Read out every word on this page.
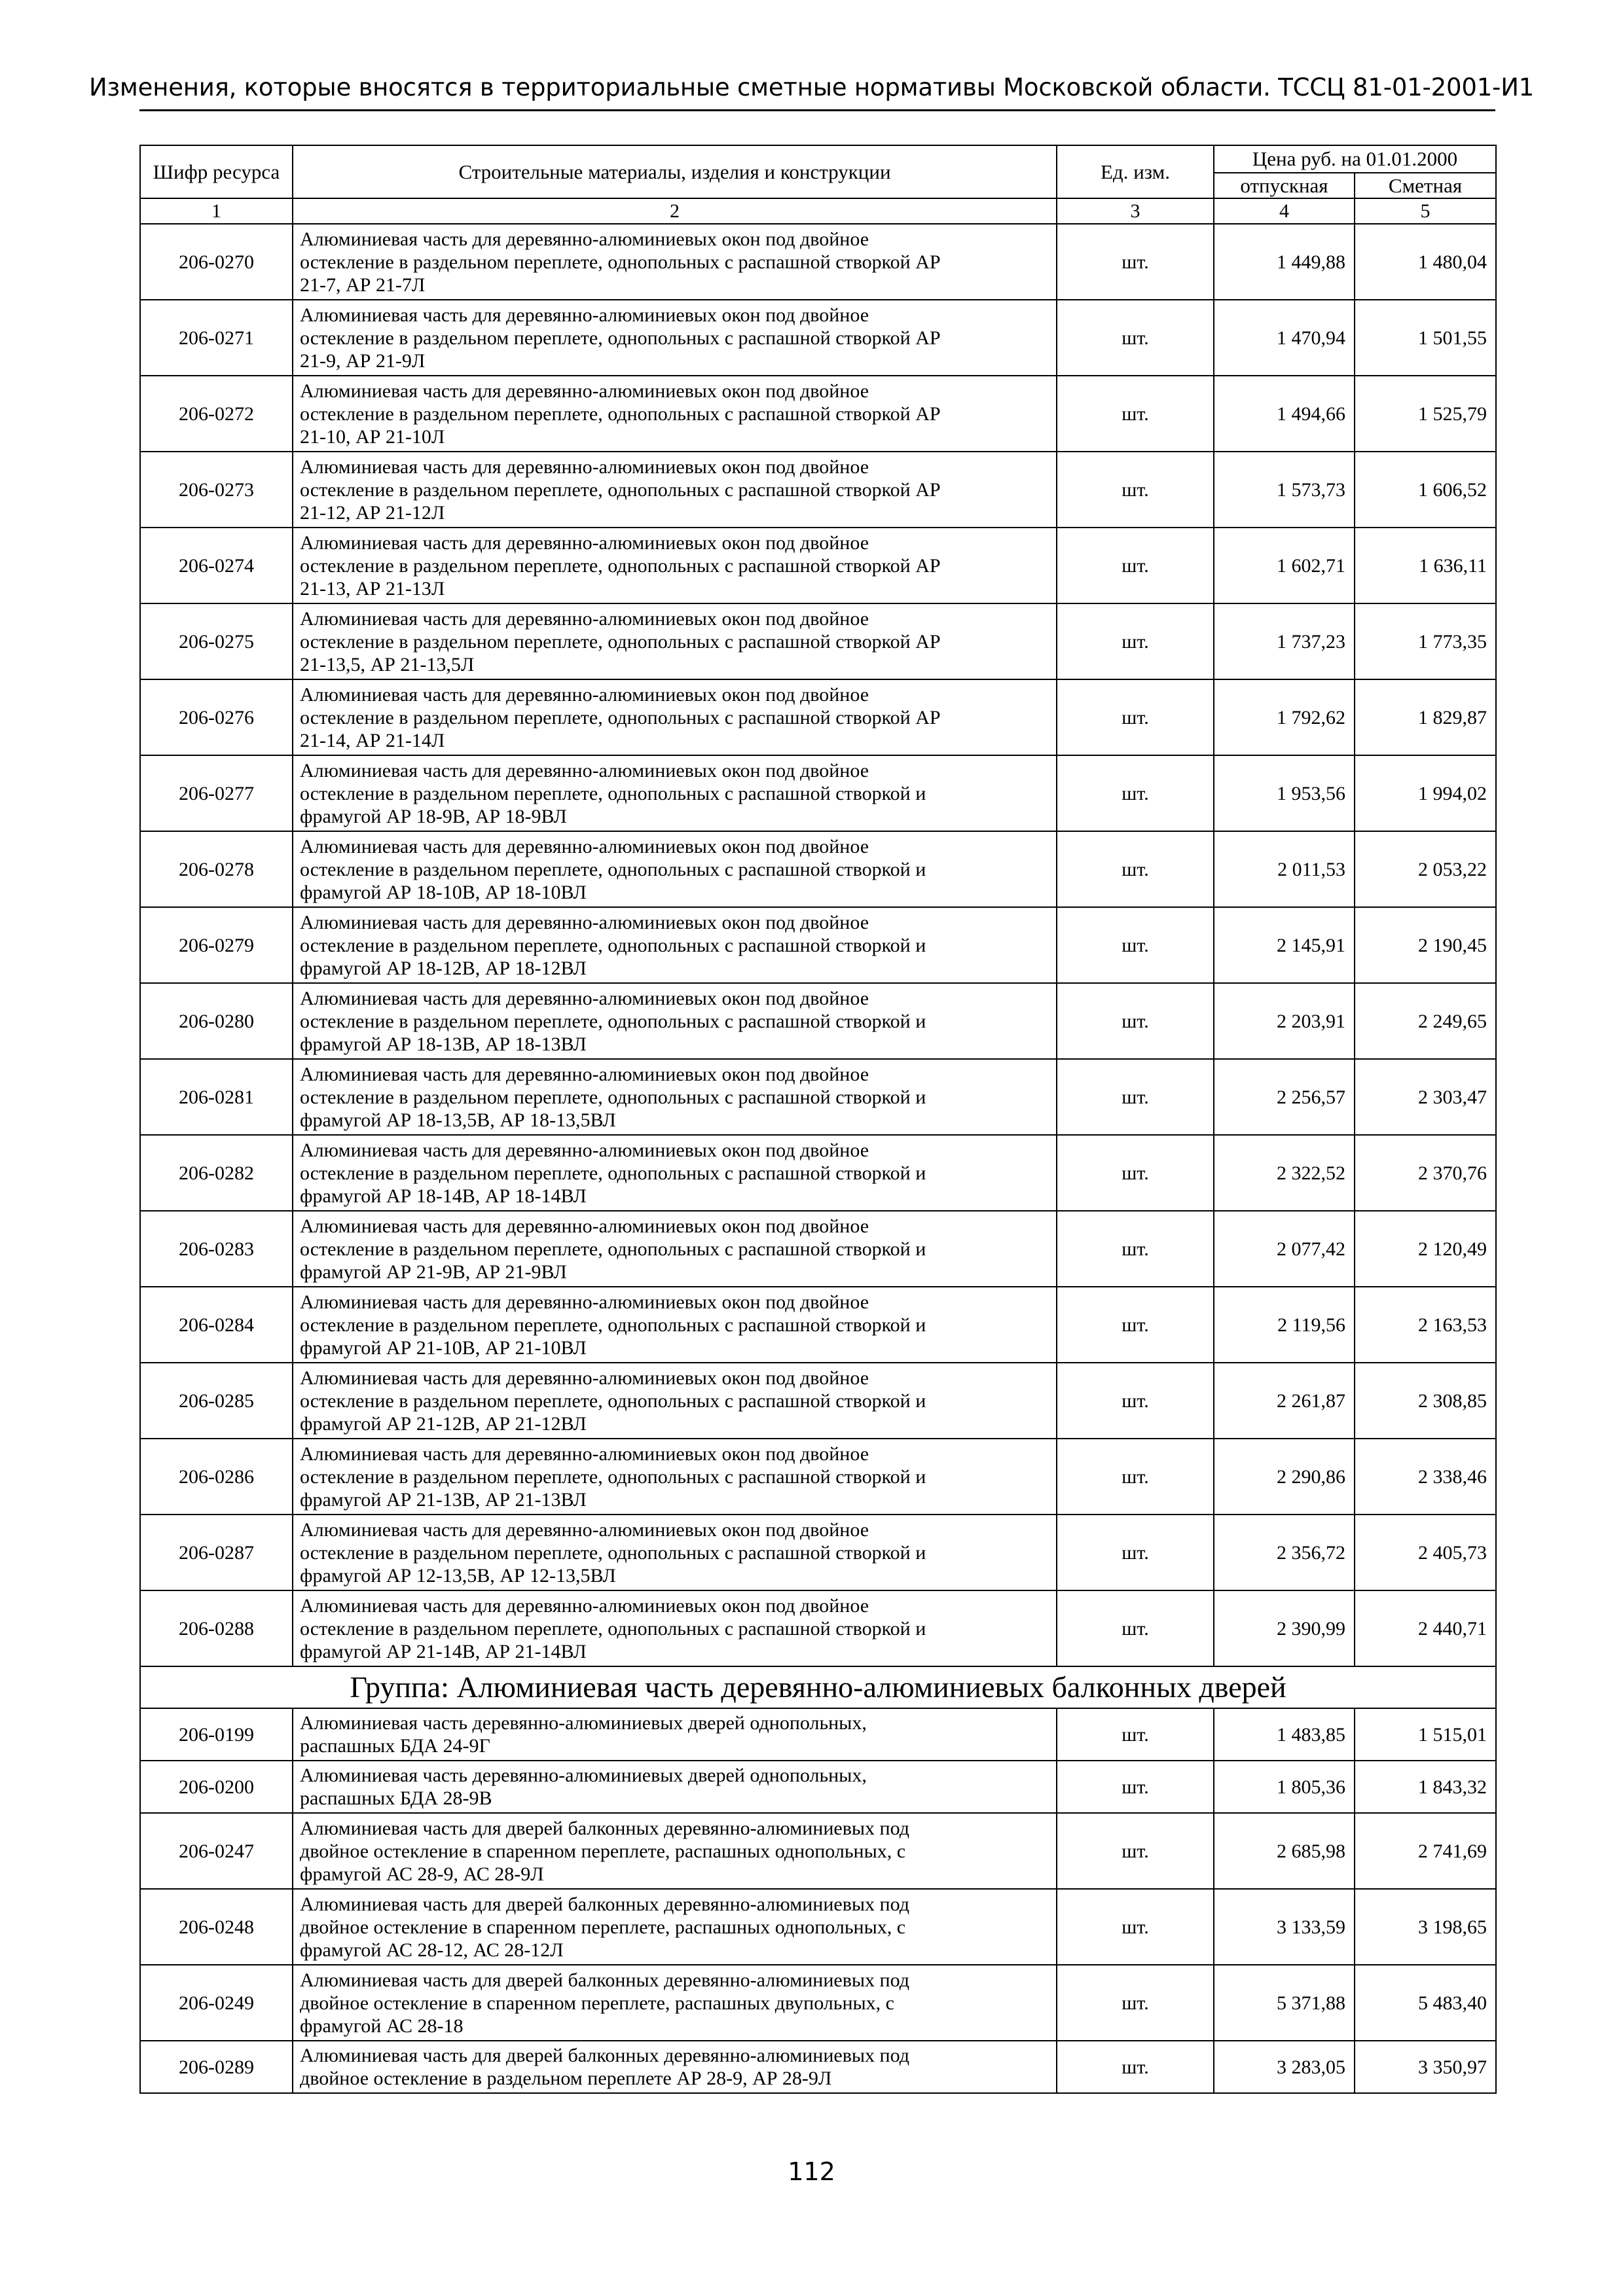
Изменения, которые вносятся в территориальные сметные нормативы Московской области. ТССЦ 81-01-2001-И1
Шифр ресурса	Строительные материалы, изделия и конструкции	Ед. изм.	Цена руб. на 01.01.2000	
			отпускная	Сметная
1	2	3	4	5
206-0270	Алюминиевая часть для деревянно-алюминиевых окон под двойное
остекление в раздельном переплете, однопольных с распашной створкой АР
21-7, АР 21-7Л	шт.	1 449,88	1 480,04
206-0271	Алюминиевая часть для деревянно-алюминиевых окон под двойное
остекление в раздельном переплете, однопольных с распашной створкой АР
21-9, АР 21-9Л	шт.	1 470,94	1 501,55
206-0272	Алюминиевая часть для деревянно-алюминиевых окон под двойное
остекление в раздельном переплете, однопольных с распашной створкой АР
21-10, АР 21-10Л	шт.	1 494,66	1 525,79
206-0273	Алюминиевая часть для деревянно-алюминиевых окон под двойное
остекление в раздельном переплете, однопольных с распашной створкой АР
21-12, АР 21-12Л	шт.	1 573,73	1 606,52
206-0274	Алюминиевая часть для деревянно-алюминиевых окон под двойное
остекление в раздельном переплете, однопольных с распашной створкой АР
21-13, АР 21-13Л	шт.	1 602,71	1 636,11
206-0275	Алюминиевая часть для деревянно-алюминиевых окон под двойное
остекление в раздельном переплете, однопольных с распашной створкой АР
21-13,5, АР 21-13,5Л	шт.	1 737,23	1 773,35
206-0276	Алюминиевая часть для деревянно-алюминиевых окон под двойное
остекление в раздельном переплете, однопольных с распашной створкой АР
21-14, АР 21-14Л	шт.	1 792,62	1 829,87
206-0277	Алюминиевая часть для деревянно-алюминиевых окон под двойное
остекление в раздельном переплете, однопольных с распашной створкой и
фрамугой АР 18-9В, АР 18-9ВЛ	шт.	1 953,56	1 994,02
206-0278	Алюминиевая часть для деревянно-алюминиевых окон под двойное
остекление в раздельном переплете, однопольных с распашной створкой и
фрамугой АР 18-10В, АР 18-10ВЛ	шт.	2 011,53	2 053,22
206-0279	Алюминиевая часть для деревянно-алюминиевых окон под двойное
остекление в раздельном переплете, однопольных с распашной створкой и
фрамугой АР 18-12В, АР 18-12ВЛ	шт.	2 145,91	2 190,45
206-0280	Алюминиевая часть для деревянно-алюминиевых окон под двойное
остекление в раздельном переплете, однопольных с распашной створкой и
фрамугой АР 18-13В, АР 18-13ВЛ	шт.	2 203,91	2 249,65
206-0281	Алюминиевая часть для деревянно-алюминиевых окон под двойное
остекление в раздельном переплете, однопольных с распашной створкой и
фрамугой АР 18-13,5В, АР 18-13,5ВЛ	шт.	2 256,57	2 303,47
206-0282	Алюминиевая часть для деревянно-алюминиевых окон под двойное
остекление в раздельном переплете, однопольных с распашной створкой и
фрамугой АР 18-14В, АР 18-14ВЛ	шт.	2 322,52	2 370,76
206-0283	Алюминиевая часть для деревянно-алюминиевых окон под двойное
остекление в раздельном переплете, однопольных с распашной створкой и
фрамугой АР 21-9В, АР 21-9ВЛ	шт.	2 077,42	2 120,49
206-0284	Алюминиевая часть для деревянно-алюминиевых окон под двойное
остекление в раздельном переплете, однопольных с распашной створкой и
фрамугой АР 21-10В, АР 21-10ВЛ	шт.	2 119,56	2 163,53
206-0285	Алюминиевая часть для деревянно-алюминиевых окон под двойное
остекление в раздельном переплете, однопольных с распашной створкой и
фрамугой АР 21-12В, АР 21-12ВЛ	шт.	2 261,87	2 308,85
206-0286	Алюминиевая часть для деревянно-алюминиевых окон под двойное
остекление в раздельном переплете, однопольных с распашной створкой и
фрамугой АР 21-13В, АР 21-13ВЛ	шт.	2 290,86	2 338,46
206-0287	Алюминиевая часть для деревянно-алюминиевых окон под двойное
остекление в раздельном переплете, однопольных с распашной створкой и
фрамугой АР 12-13,5В, АР 12-13,5ВЛ	шт.	2 356,72	2 405,73
206-0288	Алюминиевая часть для деревянно-алюминиевых окон под двойное
остекление в раздельном переплете, однопольных с распашной створкой и
фрамугой АР 21-14В, АР 21-14ВЛ	шт.	2 390,99	2 440,71
Группа: Алюминиевая часть деревянно-алюминиевых балконных дверей				
206-0199	Алюминиевая часть деревянно-алюминиевых дверей однопольных,
распашных БДА 24-9Г	шт.	1 483,85	1 515,01
206-0200	Алюминиевая часть деревянно-алюминиевых дверей однопольных,
распашных БДА 28-9В	шт.	1 805,36	1 843,32
206-0247	Алюминиевая часть для дверей балконных деревянно-алюминиевых под
двойное остекление в спаренном переплете, распашных однопольных, с
фрамугой АС 28-9, АС 28-9Л	шт.	2 685,98	2 741,69
206-0248	Алюминиевая часть для дверей балконных деревянно-алюминиевых под
двойное остекление в спаренном переплете, распашных однопольных, с
фрамугой АС 28-12, АС 28-12Л	шт.	3 133,59	3 198,65
206-0249	Алюминиевая часть для дверей балконных деревянно-алюминиевых под
двойное остекление в спаренном переплете, распашных двупольных, с
фрамугой АС 28-18	шт.	5 371,88	5 483,40
206-0289	Алюминиевая часть для дверей балконных деревянно-алюминиевых под
двойное остекление в раздельном переплете АР 28-9, АР 28-9Л	шт.	3 283,05	3 350,97
112
